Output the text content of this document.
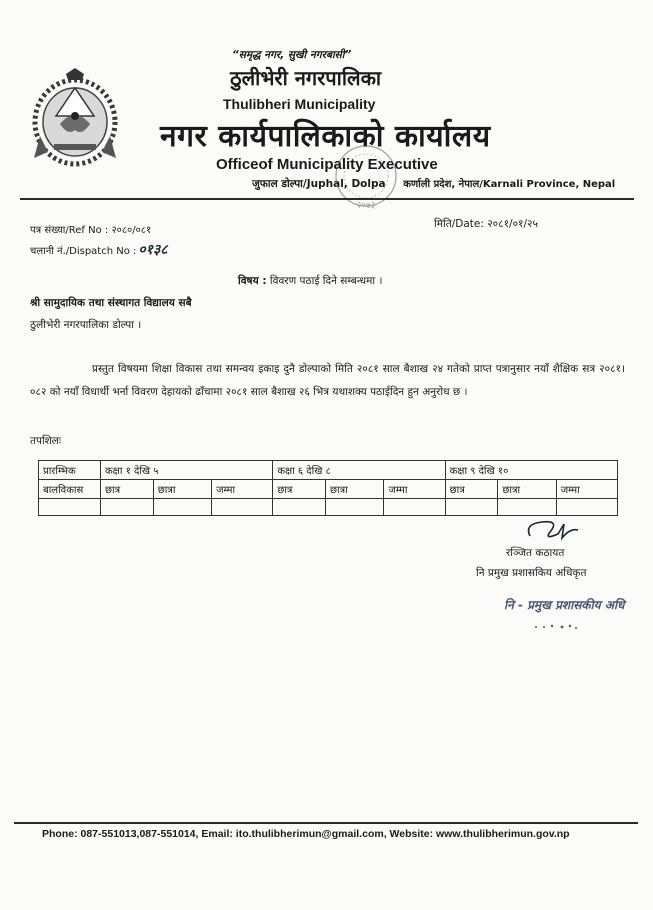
“समृद्ध नगर, सुखी नगरबासी”
ठुलीभेरी नगरपालिका
Thulibheri Municipality
नगर कार्यपालिकाको कार्यालय
Officeof Municipality Executive
जुफाल डोल्पा/Juphal, Dolpa कर्णाली प्रदेश, नेपाल/Karnali Province, Nepal
२०७३
पत्र संख्या/Ref No : २०८०/०८१
चलानी नं./Dispatch No : ०१३८
मिति/Date: २०८१/०१/२५
विषय : विवरण पठाई दिने सम्बन्धमा ।
श्री सामुदायिक तथा संस्थागत विद्यालय सबै
ठुलीभेरी नगरपालिका डोल्पा ।
प्रस्तुत विषयमा शिक्षा विकास तथा समन्वय इकाइ दुनै डोल्पाको मिति २०८१ साल बैशाख २४ गतेको प्राप्त पत्रानुसार नयाँ शैक्षिक सत्र २०८१।०८२ को नयाँ विधार्थी भर्ना विवरण देहायको ढाँचामा २०८१ साल बैशाख २६ भित्र यथाशक्य पठाईदिन हुन अनुरोध छ ।
तपशिलः
प्रारम्भिक	कक्षा १ देखि ५			कक्षा ६ देखि ८			कक्षा ९ देखि १०		
बालविकास	छात्र	छात्रा	जम्मा	छात्र	छात्रा	जम्मा	छात्र	छात्रा	जम्मा

रञ्जित कठायत
नि प्रमुख प्रशासकिय अधिकृत
नि - प्रमुख प्रशासकीय अधि
Phone: 087-551013,087-551014, Email: ito.thulibherimun@gmail.com, Website: www.thulibherimun.gov.np
